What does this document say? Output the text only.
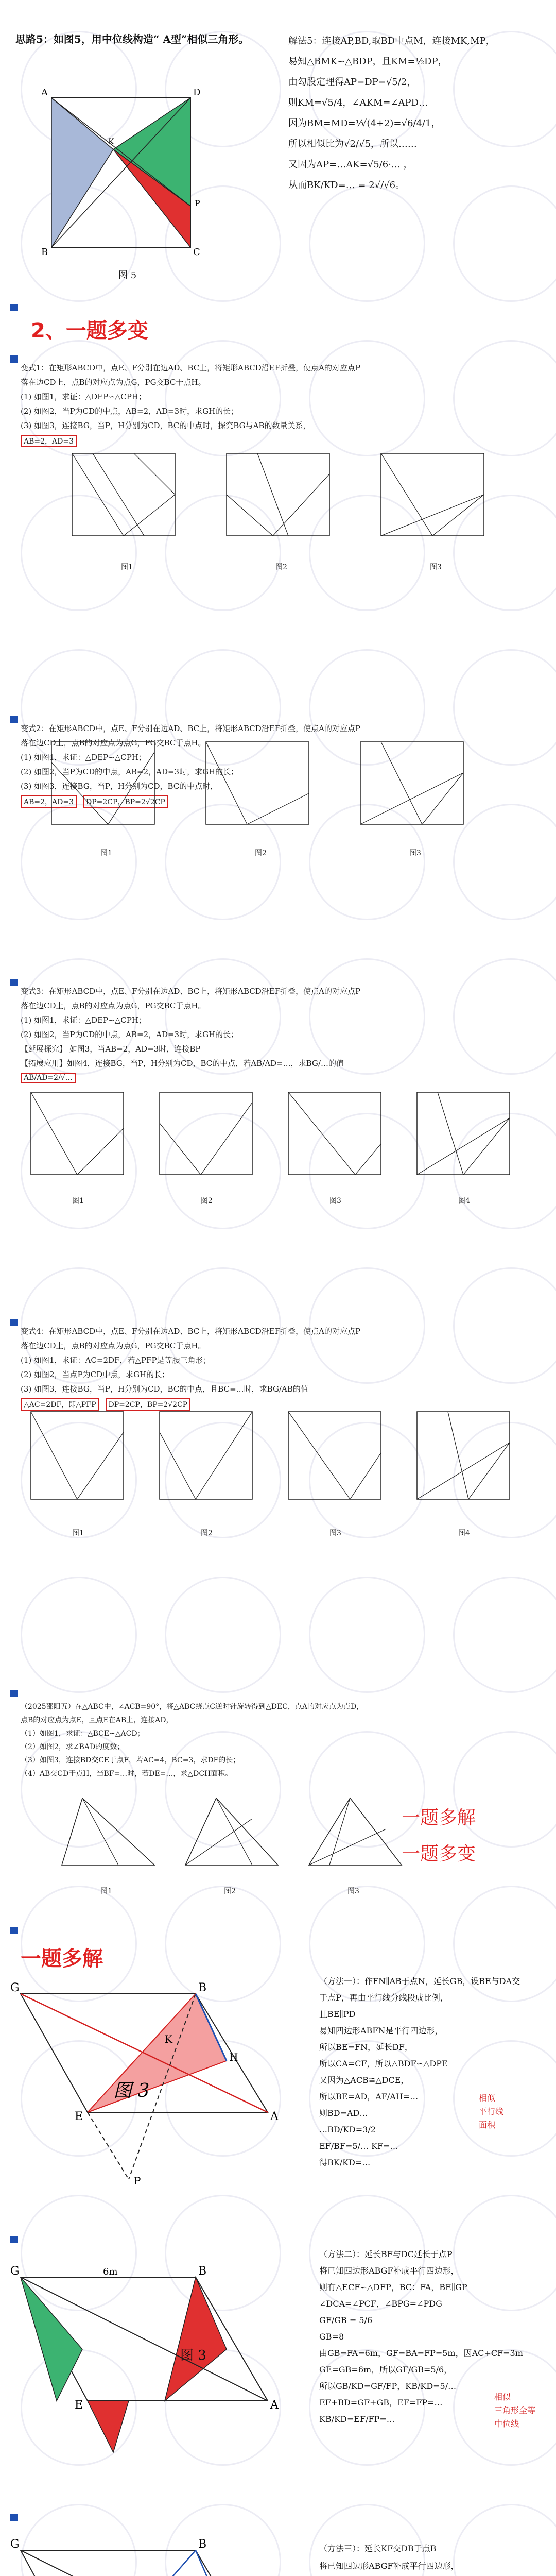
思路5：如图5，用中位线构造“ A型”相似三角形。
A	D
C
B
K
P
图 5
解法5：连接AP,BD,取BD中点M，连接MK,MP，
易知△BMK∽△BDP，且KM=½DP，
由勾股定理得AP=DP=√5/2，
则KM=√5/4，∠AKM=∠APD…
因为BM=MD=⅟√(4+2)=√6/4/1，
所以相似比为√2/√5，所以……
又因为AP=…AK=√5/6·… ，
从而BK/KD=… = 2√/√6。
2、一题多变
变式1：在矩形ABCD中，点E、F分别在边AD、BC上，将矩形ABCD沿EF折叠，使点A的对应点P
落在边CD上，点B的对应点为点G，PG交BC于点H。
(1) 如图1，求证：△DEP∽△CPH；
(2) 如图2，当P为CD的中点，AB=2，AD=3时，求GH的长；
(3) 如图3，连接BG，当P，H分别为CD，BC的中点时，探究BG与AB的数量关系，
AB=2，AD=3
图1	图2	图3
变式2：在矩形ABCD中，点E、F分别在边AD、BC上，将矩形ABCD沿EF折叠，使点A的对应点P
落在边CD上，点B的对应点为点G，PG交BC于点H。
(1) 如图1，求证：△DEP∽△CPH；
(2) 如图2，当P为CD的中点，AB=2，AD=3时，求GH的长；
(3) 如图3，连接BG，当P，H分别为CD，BC的中点时，
AB=2，AD=3 DP=2CP，BP=2√2CP
图1	图2	图3
变式3：在矩形ABCD中，点E、F分别在边AD、BC上，将矩形ABCD沿EF折叠，使点A的对应点P
落在边CD上，点B的对应点为点G，PG交BC于点H。
(1) 如图1，求证：△DEP∽△CPH；
(2) 如图2，当P为CD的中点，AB=2，AD=3时，求GH的长；
【延展探究】 如图3，当AB=2，AD=3时，连接BP
【拓展应用】如图4，连接BG，当P，H分别为CD，BC的中点，若AB/AD=…，求BG/…的值
AB/AD=2/√…
图1	图2	图3	图4
变式4：在矩形ABCD中，点E、F分别在边AD、BC上，将矩形ABCD沿EF折叠，使点A的对应点P
落在边CD上，点B的对应点为点G，PG交BC于点H。
(1) 如图1，求证：AC=2DF，若△PFP是等腰三角形；
(2) 如图2，当点P为CD中点，求GH的长；
(3) 如图3，连接BG，当P，H分别为CD，BC的中点，且BC=…时，求BG/AB的值
△AC=2DF，即△PFP DP=2CP，BP=2√2CP
图1	图2	图3	图4
（2025邵阳五）在△ABC中，∠ACB=90°，将△ABC绕点C逆时针旋转得到△DEC，点A的对应点为点D，
点B的对应点为点E，且点E在AB上，连接AD，
（1）如图1，求证：△BCE∽△ACD；
（2）如图2，求∠BAD的度数；
（3）如图3，连接BD交CE于点F，若AC=4，BC=3，求DF的长；
（4）AB交CD于点H，当BF=…时，若DE=…，求△DCH面积。
图1	图2	图3
一题多解
一题多变
一题多解
G	B
A
E
H
K
P
图 3
（方法一）：作FN∥AB于点N，延长GB，设BE与DA交
于点P，再由平行线分线段成比例，
且BE∥PD
易知四边形ABFN是平行四边形，
所以BE=FN，延长DF，
所以CA=CF，所以△BDF∽△DPE
又因为△ACB≌△DCE，
所以BE=AD，AF/AH=…
则BD=AD…
…BD/KD=3/2
EF/BF=5/… KF=…
得BK/KD=…
相似
平行线
面积
G	B
A
E
6m
图 3
（方法二）：延长BF与DC延长于点P
将已知四边形ABGF补成平行四边形，
则有△ECF∽△DFP，BC：FA，BE∥GP
∠DCA=∠PCF，∠BPG=∠PDG
GF/GB = 5/6
GB=8
由GB=FA=6m，GF=BA=FP=5m，因AC+CF=3m
GE=GB=6m，所以GF/GB=5/6，
所以GB/KD=GF/FP，KB/KD=5/…
EF+BD=GF+GB，EF=FP=…
KB/KD=EF/FP=…
相似
三角形全等
中位线
G	B	（方法三）：延长KF交DB于点B
将已知四边形ABGF补成平行四边形，
